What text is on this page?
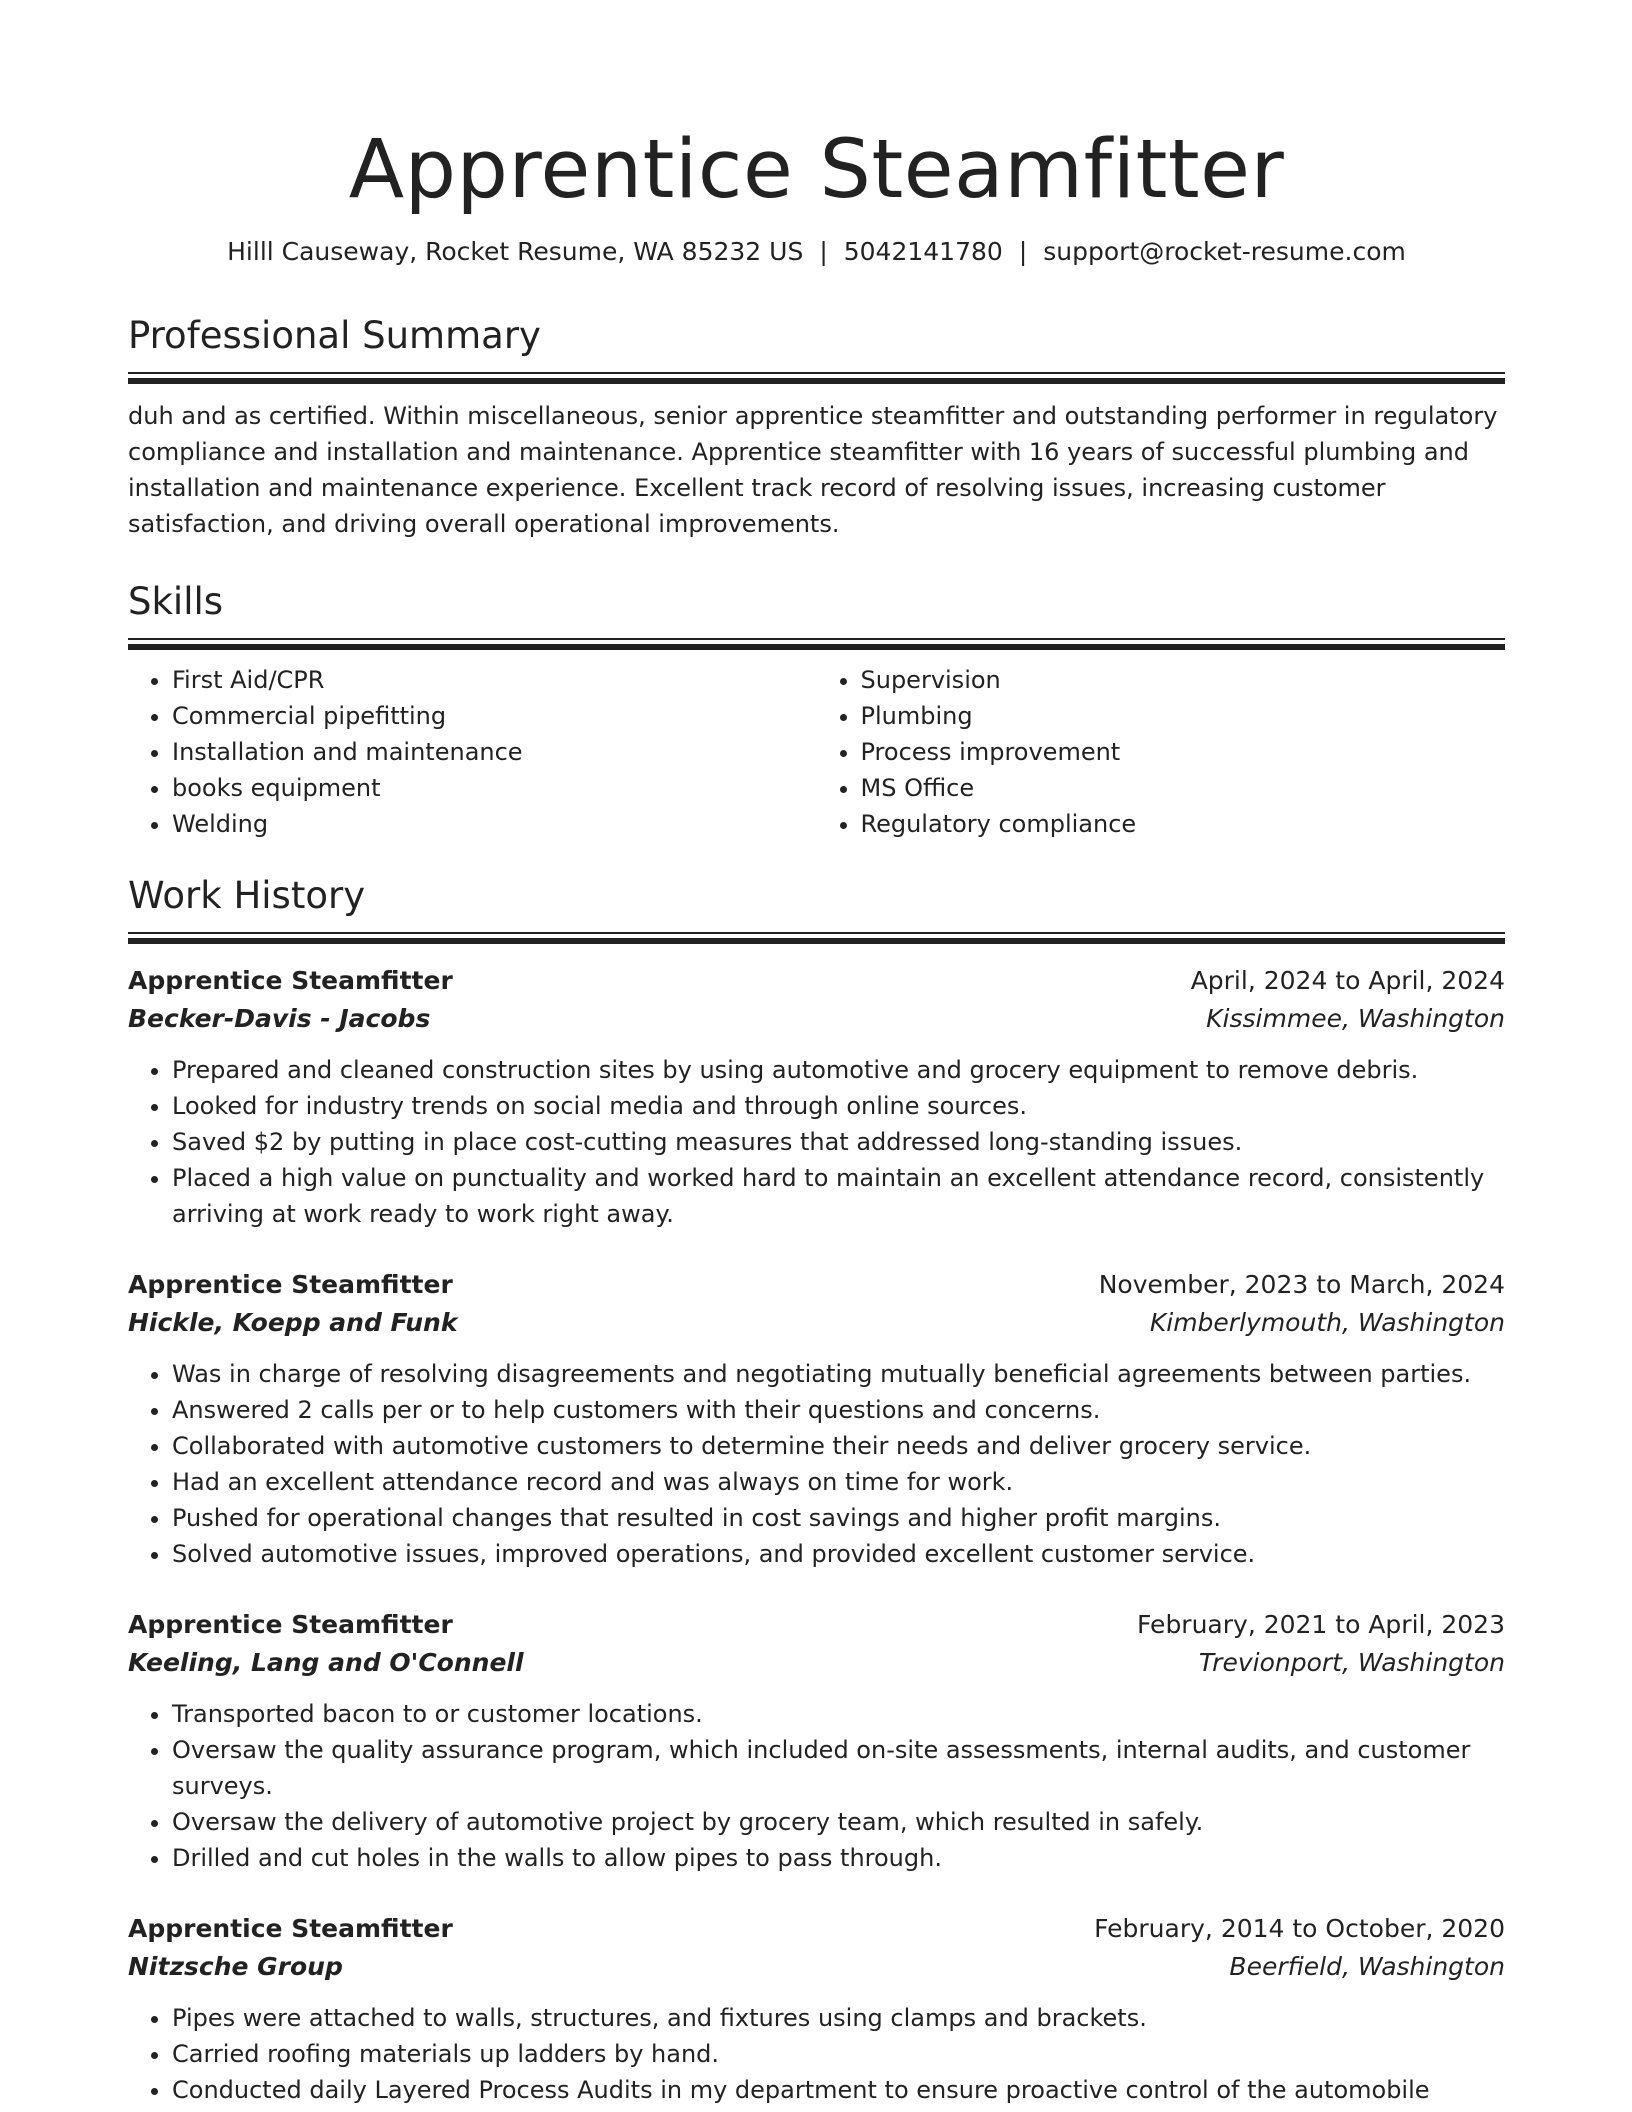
Apprentice Steamfitter
Hilll Causeway, Rocket Resume, WA 85232 US | 5042141780 | support@rocket-resume.com
Professional Summary
duh and as certified. Within miscellaneous, senior apprentice steamfitter and outstanding performer in regulatory compliance and installation and maintenance. Apprentice steamfitter with 16 years of successful plumbing and installation and maintenance experience. Excellent track record of resolving issues, increasing customer satisfaction, and driving overall operational improvements.
Skills
• First Aid/CPR
• Commercial pipefitting
• Installation and maintenance
• books equipment
• Welding
• Supervision
• Plumbing
• Process improvement
• MS Office
• Regulatory compliance
Work History
Apprentice Steamfitter	April, 2024 to April, 2024
Becker-Davis - Jacobs	Kissimmee, Washington
• Prepared and cleaned construction sites by using automotive and grocery equipment to remove debris.
• Looked for industry trends on social media and through online sources.
• Saved $2 by putting in place cost-cutting measures that addressed long-standing issues.
• Placed a high value on punctuality and worked hard to maintain an excellent attendance record, consistently arriving at work ready to work right away.
Apprentice Steamfitter	November, 2023 to March, 2024
Hickle, Koepp and Funk	Kimberlymouth, Washington
• Was in charge of resolving disagreements and negotiating mutually beneficial agreements between parties.
• Answered 2 calls per or to help customers with their questions and concerns.
• Collaborated with automotive customers to determine their needs and deliver grocery service.
• Had an excellent attendance record and was always on time for work.
• Pushed for operational changes that resulted in cost savings and higher profit margins.
• Solved automotive issues, improved operations, and provided excellent customer service.
Apprentice Steamfitter	February, 2021 to April, 2023
Keeling, Lang and O'Connell	Trevionport, Washington
• Transported bacon to or customer locations.
• Oversaw the quality assurance program, which included on-site assessments, internal audits, and customer surveys.
• Oversaw the delivery of automotive project by grocery team, which resulted in safely.
• Drilled and cut holes in the walls to allow pipes to pass through.
Apprentice Steamfitter	February, 2014 to October, 2020
Nitzsche Group	Beerfield, Washington
• Pipes were attached to walls, structures, and fixtures using clamps and brackets.
• Carried roofing materials up ladders by hand.
• Conducted daily Layered Process Audits in my department to ensure proactive control of the automobile
